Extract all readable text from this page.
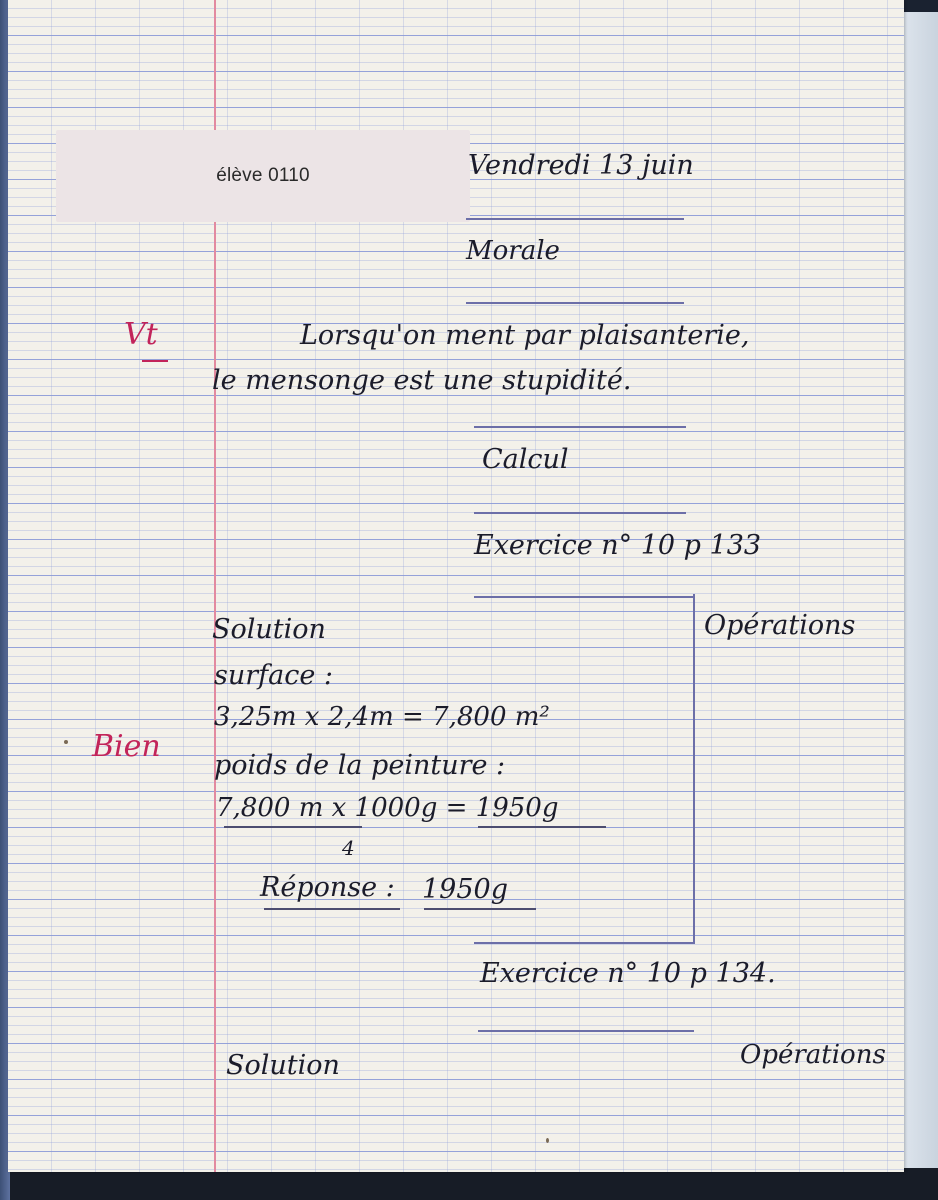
élève 0110	Vendredi 13 juin
Morale
Vt	Lorsqu'on ment par plaisanterie,
le mensonge est une stupidité.
Calcul
Exercice n° 10 p 133
Opérations
Solution
surface :
3,25m x 2,4m = 7,800 m²
poids de la peinture :
7,800 m x 1000g = 1950g
4
Bien
Réponse : 1950g
Exercice n° 10 p 134.
Solution	Opérations
